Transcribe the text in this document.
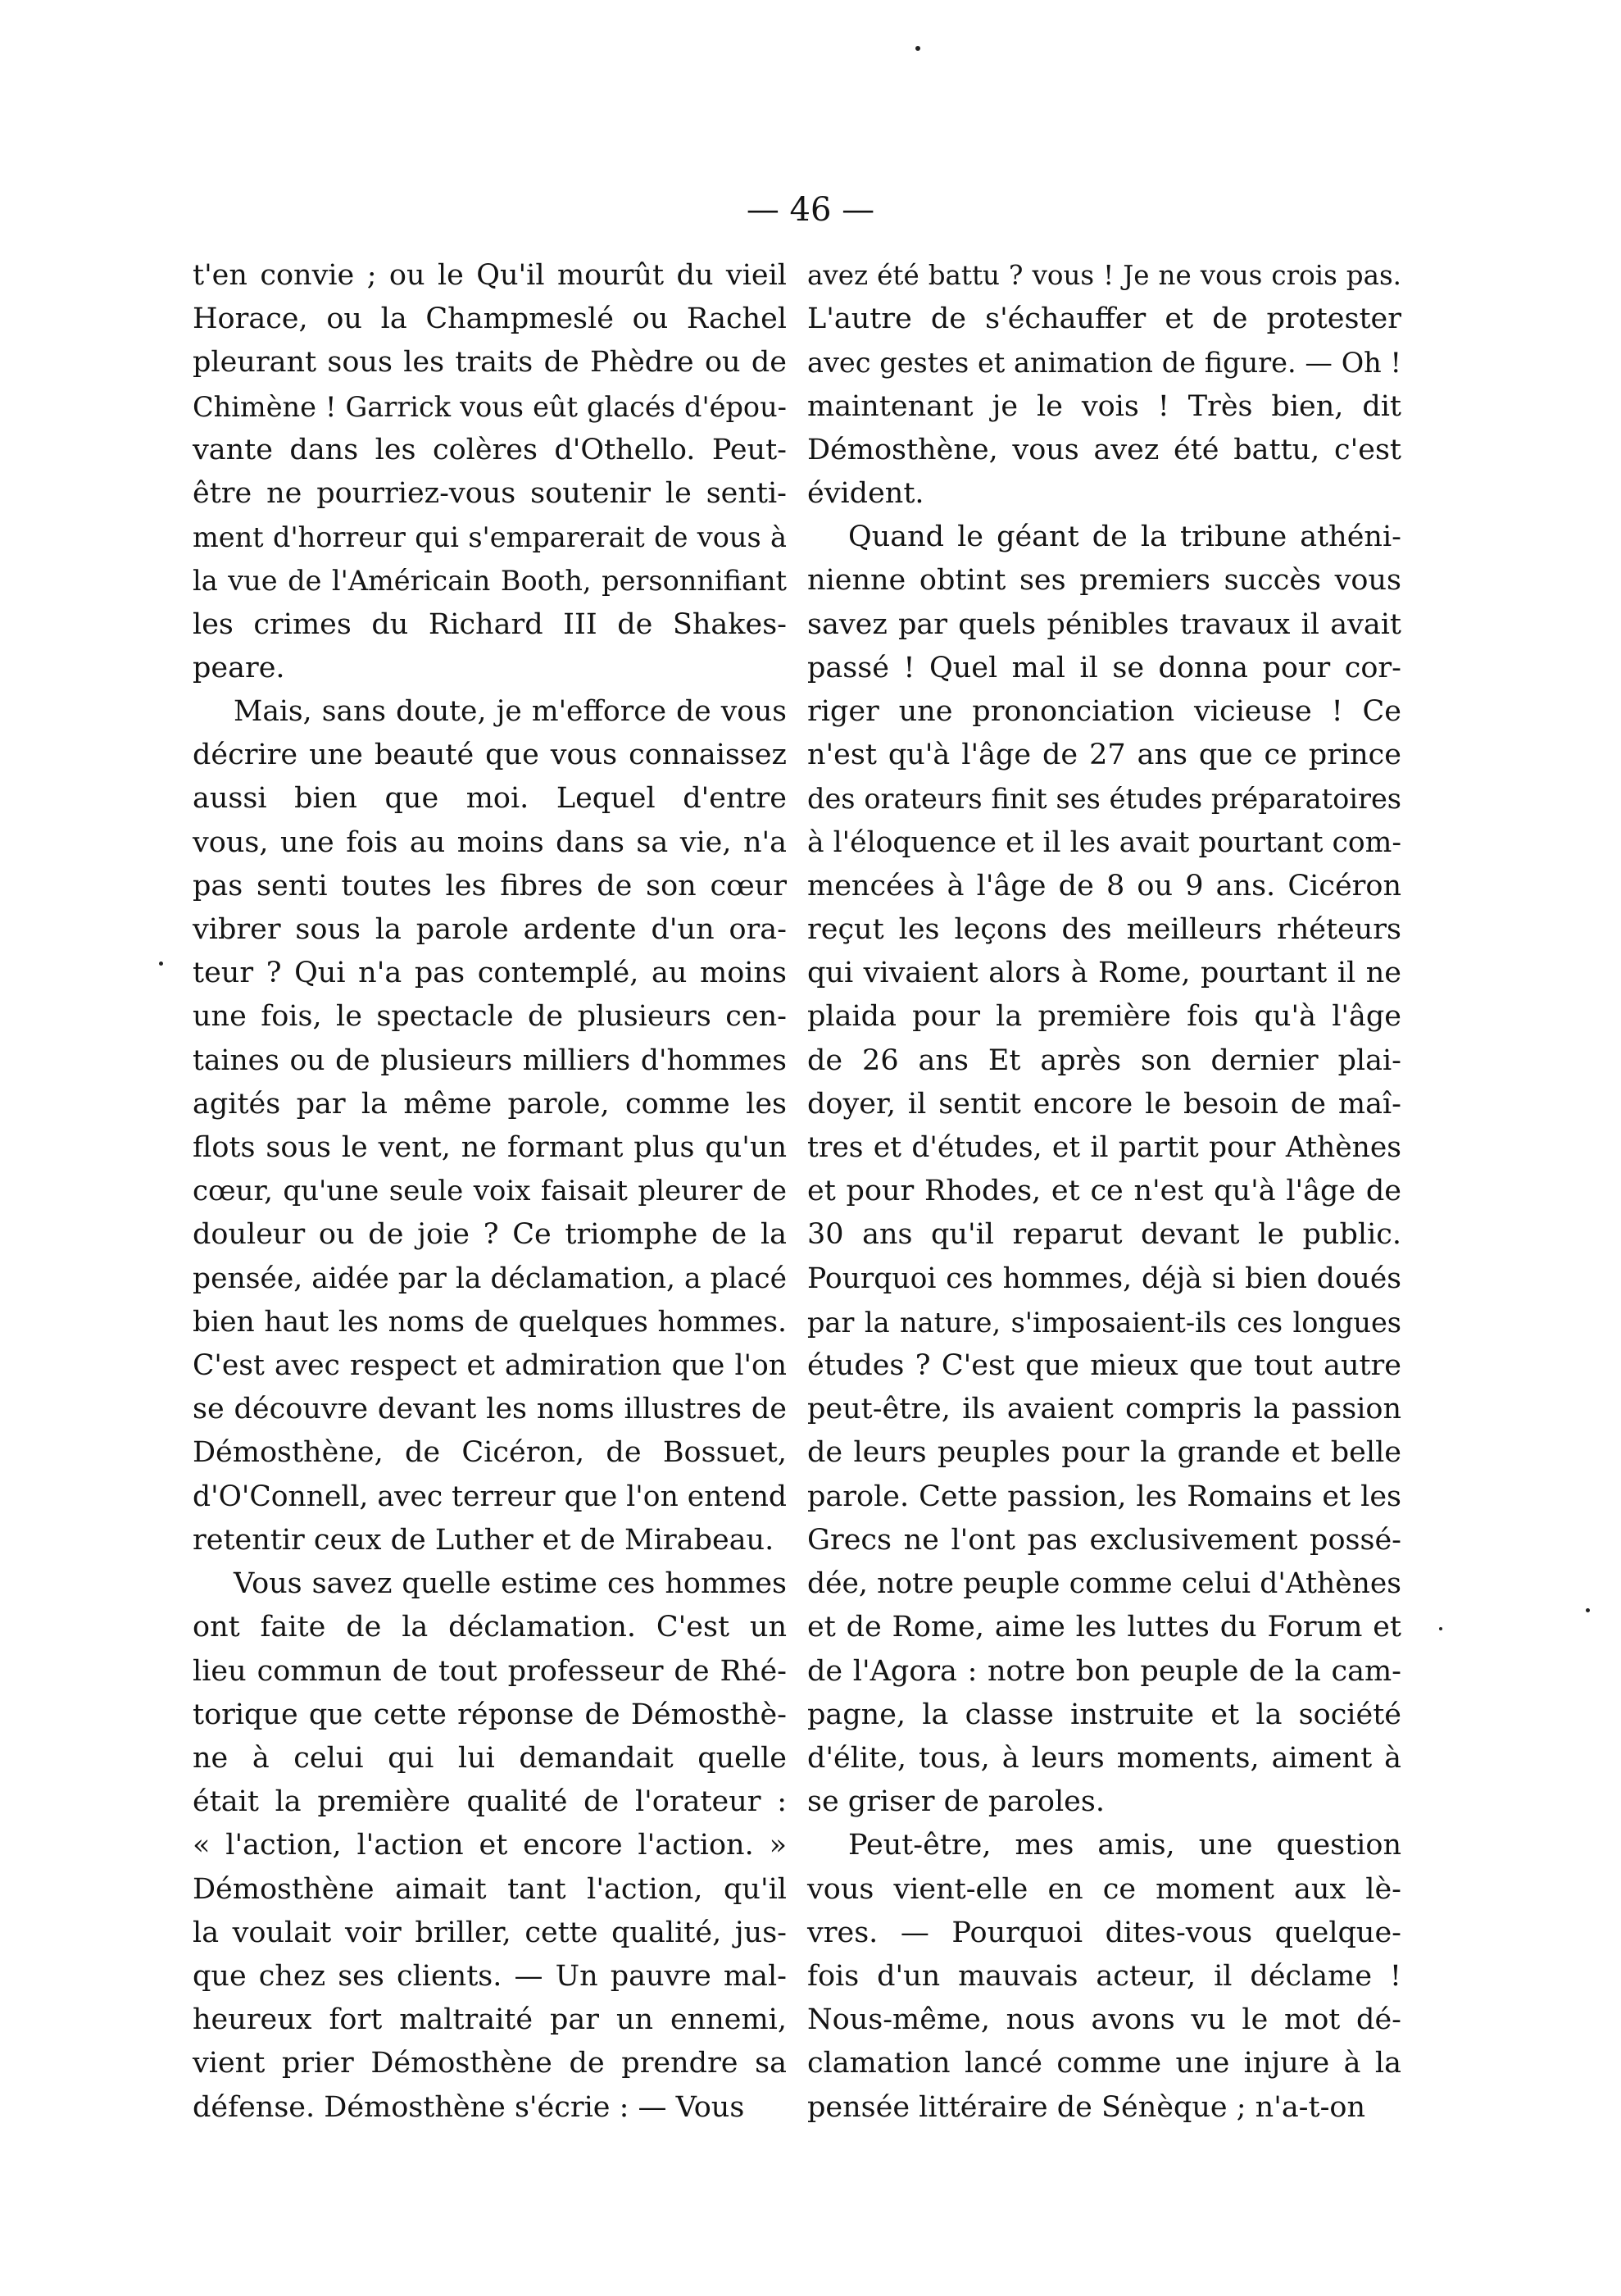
— 46 —
t'en convie ; ou le Qu'il mourût du vieil
Horace, ou la Champmeslé ou Rachel
pleurant sous les traits de Phèdre ou de
Chimène ! Garrick vous eût glacés d'épou-
vante dans les colères d'Othello. Peut-
être ne pourriez-vous soutenir le senti-
ment d'horreur qui s'emparerait de vous à
la vue de l'Américain Booth, personnifiant
les crimes du Richard III de Shakes-
peare.
Mais, sans doute, je m'efforce de vous
décrire une beauté que vous connaissez
aussi bien que moi. Lequel d'entre
vous, une fois au moins dans sa vie, n'a
pas senti toutes les fibres de son cœur
vibrer sous la parole ardente d'un ora-
teur ? Qui n'a pas contemplé, au moins
une fois, le spectacle de plusieurs cen-
taines ou de plusieurs milliers d'hommes
agités par la même parole, comme les
flots sous le vent, ne formant plus qu'un
cœur, qu'une seule voix faisait pleurer de
douleur ou de joie ? Ce triomphe de la
pensée, aidée par la déclamation, a placé
bien haut les noms de quelques hommes.
C'est avec respect et admiration que l'on
se découvre devant les noms illustres de
Démosthène, de Cicéron, de Bossuet,
d'O'Connell, avec terreur que l'on entend
retentir ceux de Luther et de Mirabeau.
Vous savez quelle estime ces hommes
ont faite de la déclamation. C'est un
lieu commun de tout professeur de Rhé-
torique que cette réponse de Démosthè-
ne à celui qui lui demandait quelle
était la première qualité de l'orateur :
« l'action, l'action et encore l'action. »
Démosthène aimait tant l'action, qu'il
la voulait voir briller, cette qualité, jus-
que chez ses clients. — Un pauvre mal-
heureux fort maltraité par un ennemi,
vient prier Démosthène de prendre sa
défense. Démosthène s'écrie : — Vous
avez été battu ? vous ! Je ne vous crois pas.
L'autre de s'échauffer et de protester
avec gestes et animation de figure. — Oh !
maintenant je le vois ! Très bien, dit
Démosthène, vous avez été battu, c'est
évident.
Quand le géant de la tribune athéni-
nienne obtint ses premiers succès vous
savez par quels pénibles travaux il avait
passé ! Quel mal il se donna pour cor-
riger une prononciation vicieuse ! Ce
n'est qu'à l'âge de 27 ans que ce prince
des orateurs finit ses études préparatoires
à l'éloquence et il les avait pourtant com-
mencées à l'âge de 8 ou 9 ans. Cicéron
reçut les leçons des meilleurs rhéteurs
qui vivaient alors à Rome, pourtant il ne
plaida pour la première fois qu'à l'âge
de 26 ans Et après son dernier plai-
doyer, il sentit encore le besoin de maî-
tres et d'études, et il partit pour Athènes
et pour Rhodes, et ce n'est qu'à l'âge de
30 ans qu'il reparut devant le public.
Pourquoi ces hommes, déjà si bien doués
par la nature, s'imposaient-ils ces longues
études ? C'est que mieux que tout autre
peut-être, ils avaient compris la passion
de leurs peuples pour la grande et belle
parole. Cette passion, les Romains et les
Grecs ne l'ont pas exclusivement possé-
dée, notre peuple comme celui d'Athènes
et de Rome, aime les luttes du Forum et
de l'Agora : notre bon peuple de la cam-
pagne, la classe instruite et la société
d'élite, tous, à leurs moments, aiment à
se griser de paroles.
Peut-être, mes amis, une question
vous vient-elle en ce moment aux lè-
vres. — Pourquoi dites-vous quelque-
fois d'un mauvais acteur, il déclame !
Nous-même, nous avons vu le mot dé-
clamation lancé comme une injure à la
pensée littéraire de Sénèque ; n'a-t-on
